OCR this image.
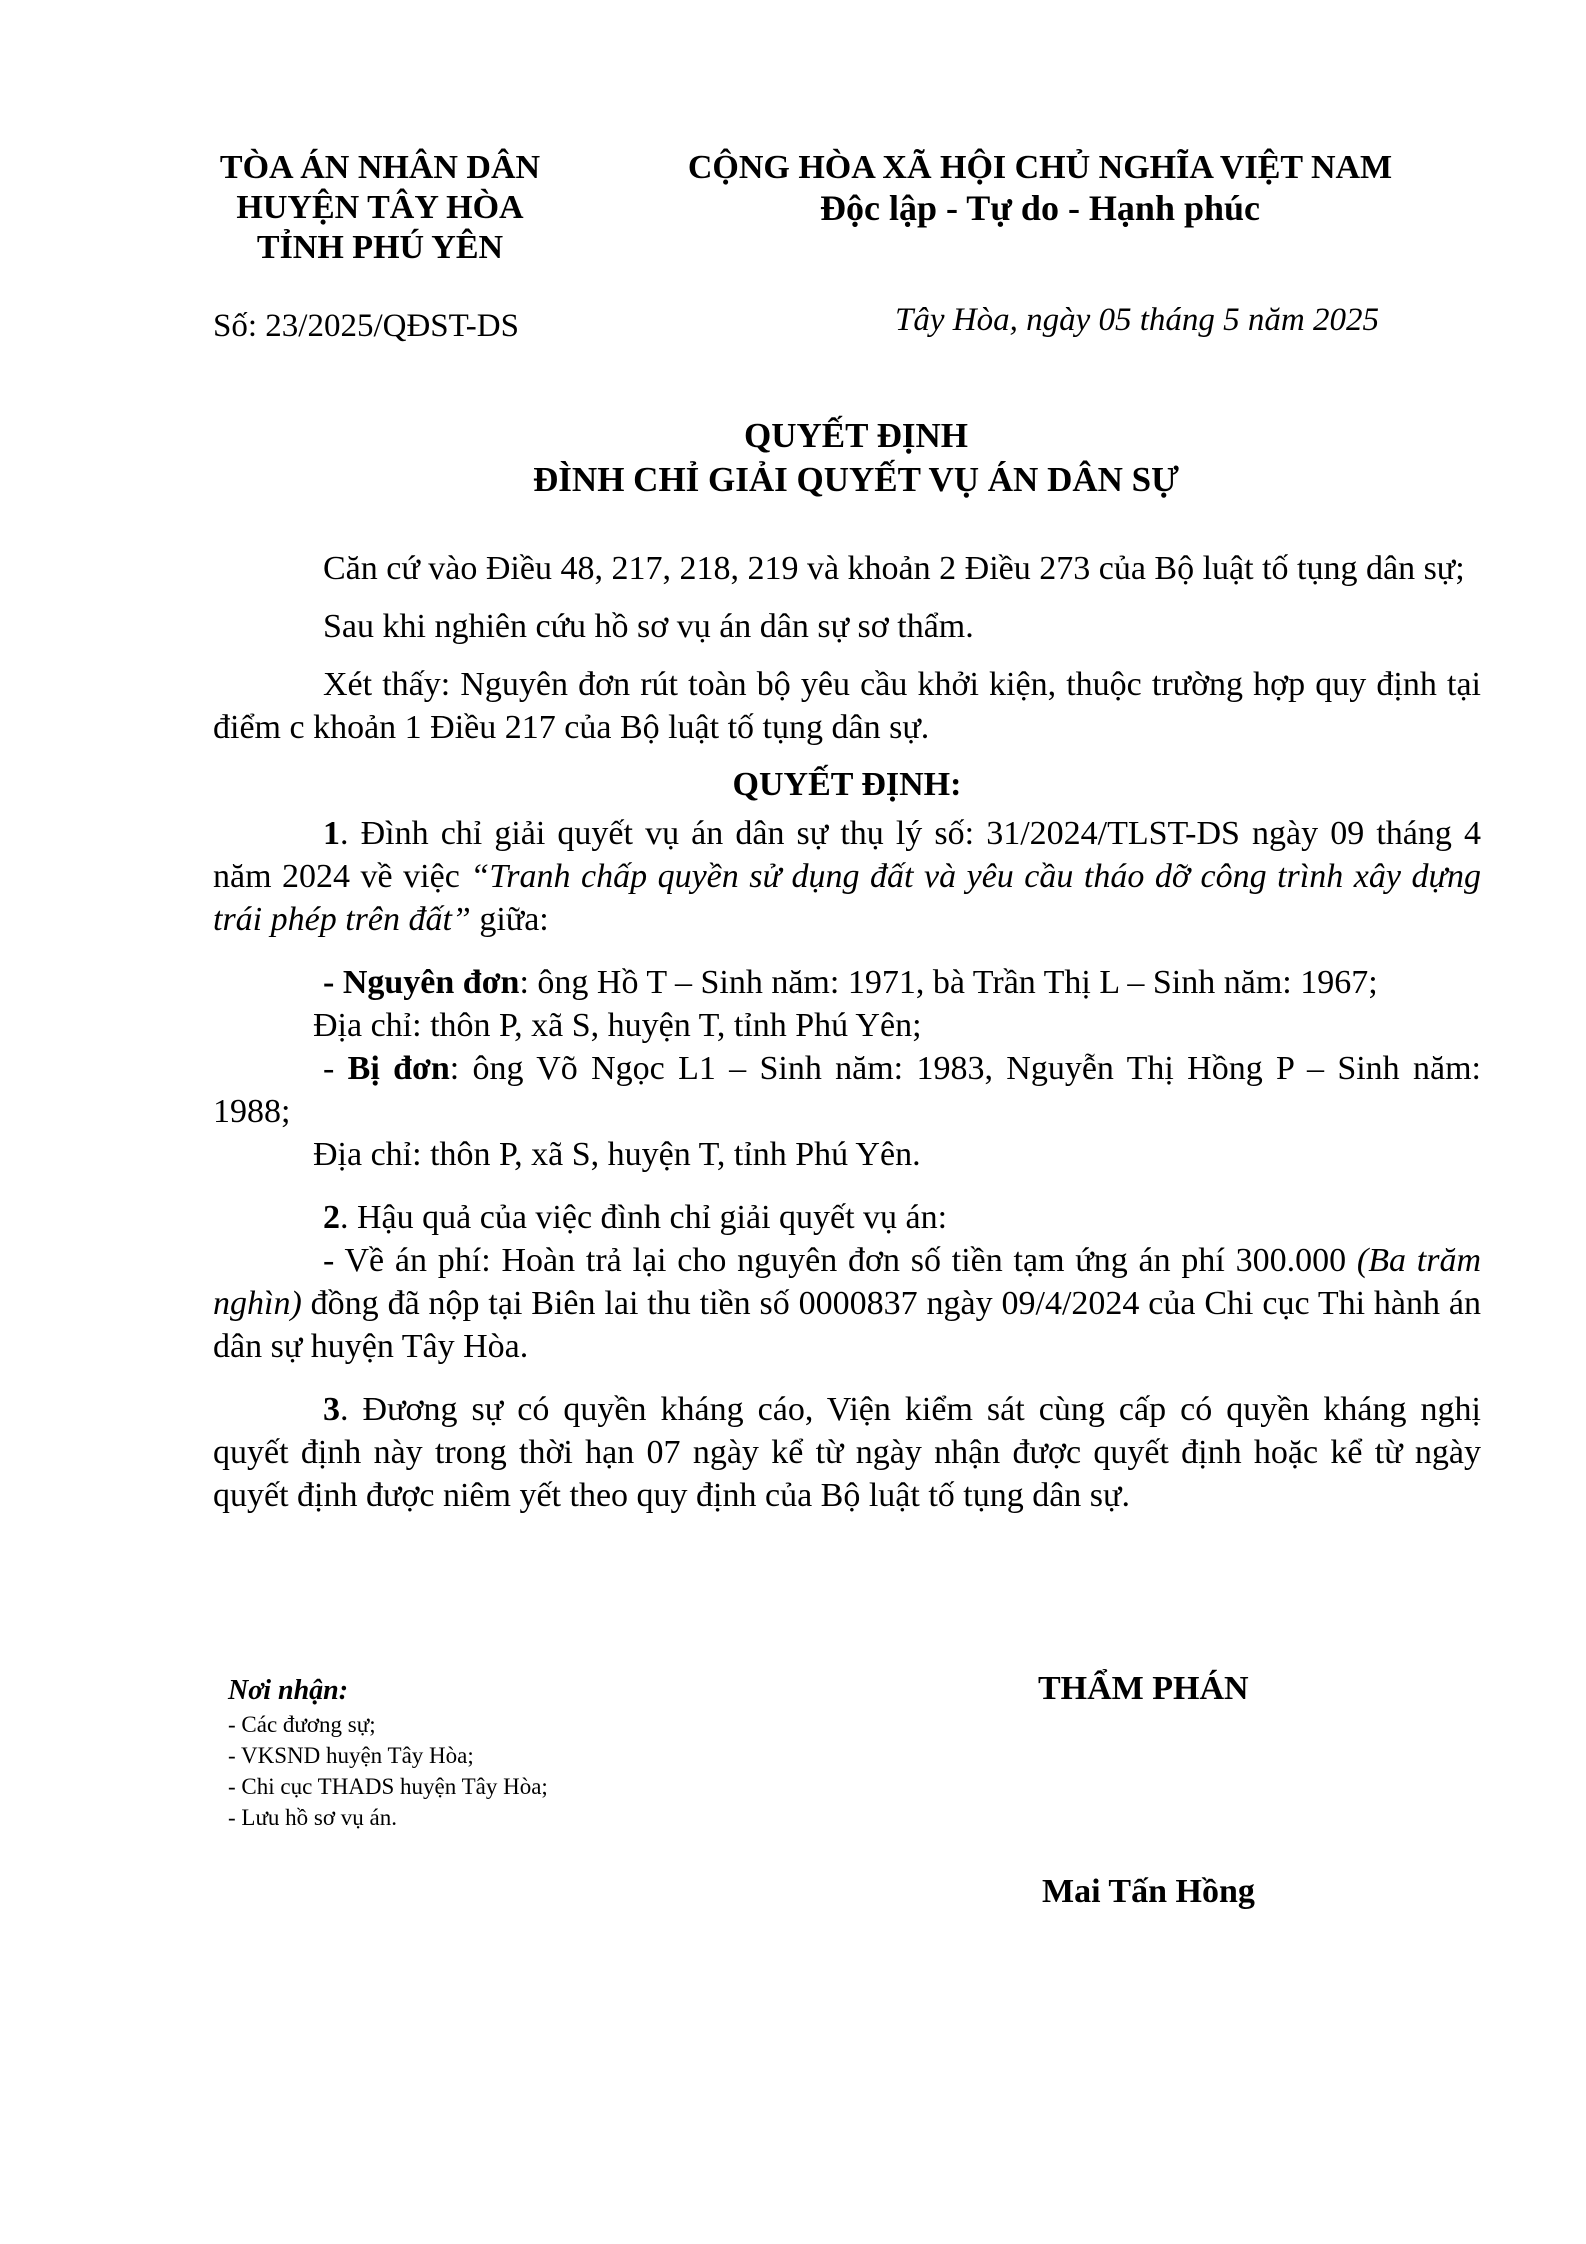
TÒA ÁN NHÂN DÂN
HUYỆN TÂY HÒA
TỈNH PHÚ YÊN
CỘNG HÒA XÃ HỘI CHỦ NGHĨA VIỆT NAM
Độc lập - Tự do - Hạnh phúc
Số: 23/2025/QĐST-DS	Tây Hòa, ngày 05 tháng 5 năm 2025
QUYẾT ĐỊNH
ĐÌNH CHỈ GIẢI QUYẾT VỤ ÁN DÂN SỰ

Căn cứ vào Điều 48, 217, 218, 219 và khoản 2 Điều 273 của Bộ luật tố tụng dân sự;

Sau khi nghiên cứu hồ sơ vụ án dân sự sơ thẩm.

Xét thấy: Nguyên đơn rút toàn bộ yêu cầu khởi kiện, thuộc trường hợp quy định tại điểm c khoản 1 Điều 217 của Bộ luật tố tụng dân sự.

QUYẾT ĐỊNH:

1. Đình chỉ giải quyết vụ án dân sự thụ lý số: 31/2024/TLST-DS ngày 09 tháng 4 năm 2024 về việc “Tranh chấp quyền sử dụng đất và yêu cầu tháo dỡ công trình xây dựng trái phép trên đất” giữa:

- Nguyên đơn: ông Hồ T – Sinh năm: 1971, bà Trần Thị L – Sinh năm: 1967;

Địa chỉ: thôn P, xã S, huyện T, tỉnh Phú Yên;

- Bị đơn: ông Võ Ngọc L1 – Sinh năm: 1983, Nguyễn Thị Hồng P – Sinh năm: 1988;

Địa chỉ: thôn P, xã S, huyện T, tỉnh Phú Yên.

2. Hậu quả của việc đình chỉ giải quyết vụ án:

- Về án phí: Hoàn trả lại cho nguyên đơn số tiền tạm ứng án phí 300.000 (Ba trăm nghìn) đồng đã nộp tại Biên lai thu tiền số 0000837 ngày 09/4/2024 của Chi cục Thi hành án dân sự huyện Tây Hòa.

3. Đương sự có quyền kháng cáo, Viện kiểm sát cùng cấp có quyền kháng nghị quyết định này trong thời hạn 07 ngày kể từ ngày nhận được quyết định hoặc kể từ ngày quyết định được niêm yết theo quy định của Bộ luật tố tụng dân sự.

Nơi nhận:
- Các đương sự;
- VKSND huyện Tây Hòa;
- Chi cục THADS huyện Tây Hòa;
- Lưu hồ sơ vụ án.
THẨM PHÁN
Mai Tấn Hồng
